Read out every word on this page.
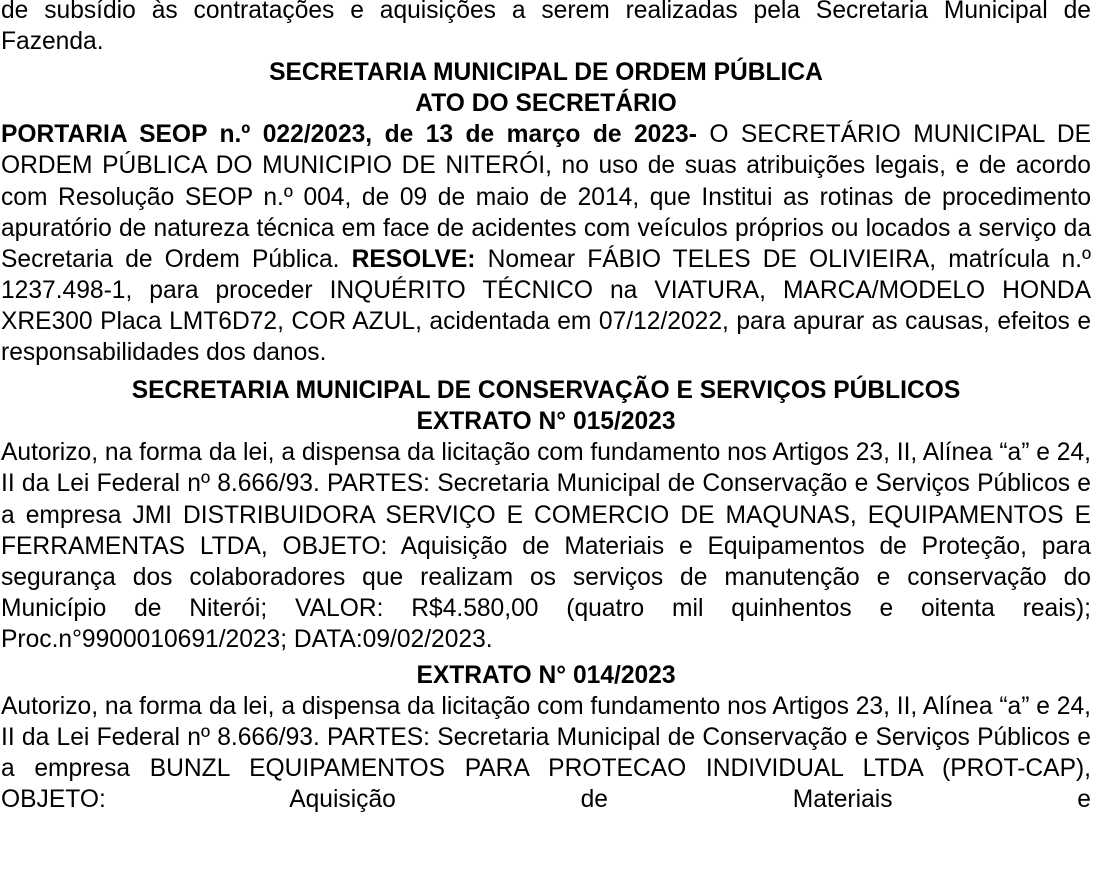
de subsídio às contratações e aquisições a serem realizadas pela Secretaria Municipal de Fazenda.

SECRETARIA MUNICIPAL DE ORDEM PÚBLICA
ATO DO SECRETÁRIO

PORTARIA SEOP n.º 022/2023, de 13 de março de 2023- O SECRETÁRIO MUNICIPAL DE ORDEM PÚBLICA DO MUNICIPIO DE NITERÓI, no uso de suas atribuições legais, e de acordo com Resolução SEOP n.º 004, de 09 de maio de 2014, que Institui as rotinas de procedimento apuratório de natureza técnica em face de acidentes com veículos próprios ou locados a serviço da Secretaria de Ordem Pública. RESOLVE: Nomear FÁBIO TELES DE OLIVIEIRA, matrícula n.º 1237.498-1, para proceder INQUÉRITO TÉCNICO na VIATURA, MARCA/MODELO HONDA XRE300 Placa LMT6D72, COR AZUL, acidentada em 07/12/2022, para apurar as causas, efeitos e responsabilidades dos danos.

SECRETARIA MUNICIPAL DE CONSERVAÇÃO E SERVIÇOS PÚBLICOS
EXTRATO N° 015/2023

Autorizo, na forma da lei, a dispensa da licitação com fundamento nos Artigos 23, II, Alínea “a” e 24, II da Lei Federal nº 8.666/93. PARTES: Secretaria Municipal de Conservação e Serviços Públicos e a empresa JMI DISTRIBUIDORA SERVIÇO E COMERCIO DE MAQUNAS, EQUIPAMENTOS E FERRAMENTAS LTDA, OBJETO: Aquisição de Materiais e Equipamentos de Proteção, para segurança dos colaboradores que realizam os serviços de manutenção e conservação do Município de Niterói; VALOR: R$4.580,00 (quatro mil quinhentos e oitenta reais); Proc.n°9900010691/2023; DATA:09/02/2023.

EXTRATO N° 014/2023

Autorizo, na forma da lei, a dispensa da licitação com fundamento nos Artigos 23, II, Alínea “a” e 24, II da Lei Federal nº 8.666/93. PARTES: Secretaria Municipal de Conservação e Serviços Públicos e a empresa BUNZL EQUIPAMENTOS PARA PROTECAO INDIVIDUAL LTDA (PROT-CAP), OBJETO: Aquisição de Materiais e
